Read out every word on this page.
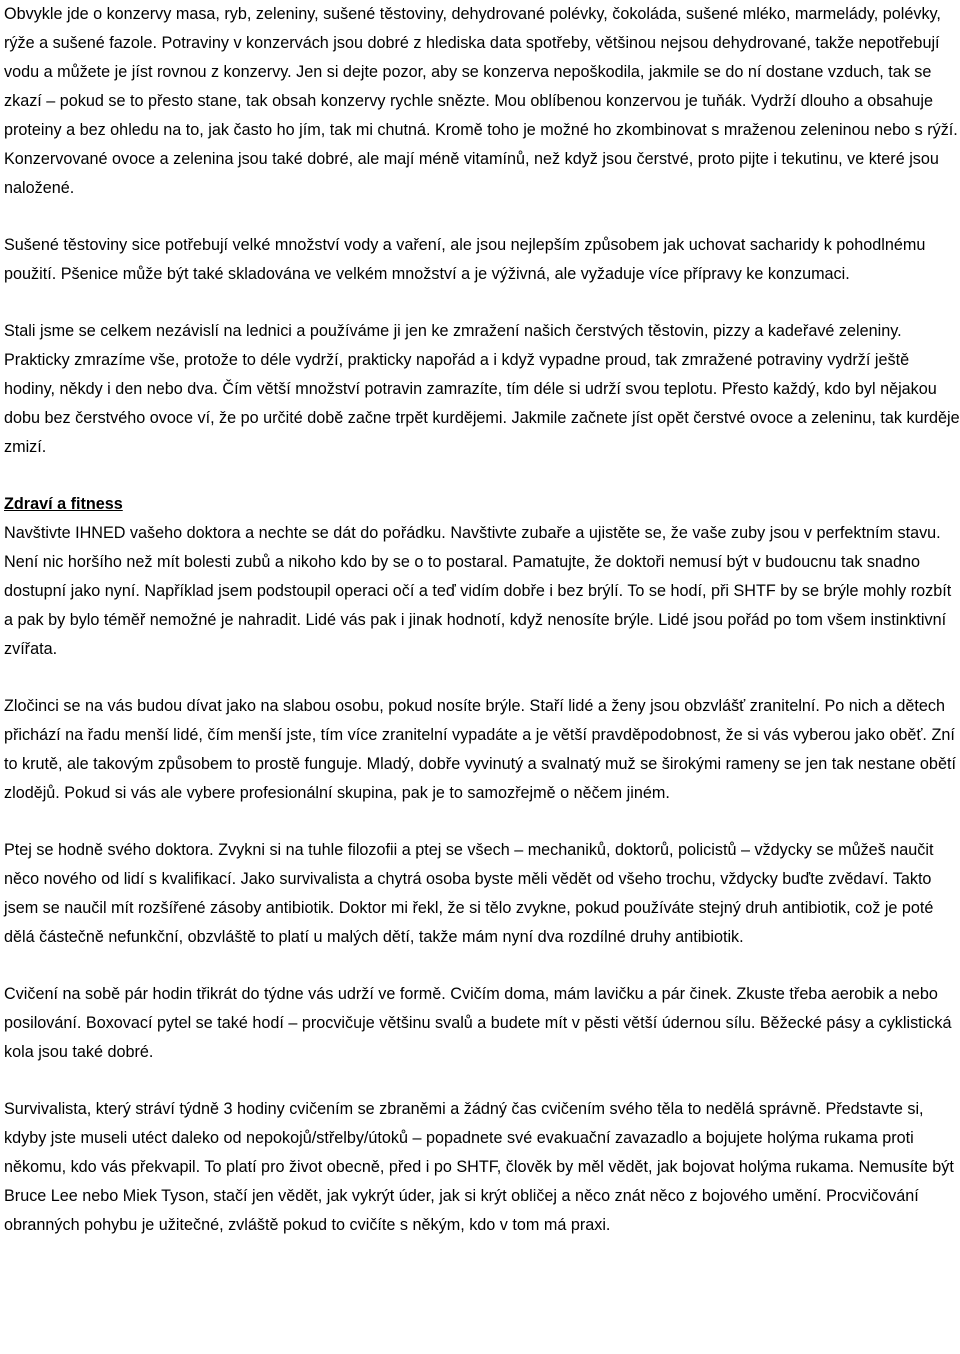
Obvykle jde o konzervy masa, ryb, zeleniny, sušené těstoviny, dehydrované polévky, čokoláda, sušené mléko, marmelády, polévky, rýže a sušené fazole. Potraviny v konzervách jsou dobré z hlediska data spotřeby, většinou nejsou dehydrované, takže nepotřebují vodu a můžete je jíst rovnou z konzervy. Jen si dejte pozor, aby se konzerva nepoškodila, jakmile se do ní dostane vzduch, tak se zkazí – pokud se to přesto stane, tak obsah konzervy rychle snězte. Mou oblíbenou konzervou je tuňák. Vydrží dlouho a obsahuje proteiny a bez ohledu na to, jak často ho jím, tak mi chutná. Kromě toho je možné ho zkombinovat s mraženou zeleninou nebo s rýží. Konzervované ovoce a zelenina jsou také dobré, ale mají méně vitamínů, než když jsou čerstvé, proto pijte i tekutinu, ve které jsou naložené.

Sušené těstoviny sice potřebují velké množství vody a vaření, ale jsou nejlepším způsobem jak uchovat sacharidy k pohodlnému použití. Pšenice může být také skladována ve velkém množství a je výživná, ale vyžaduje více přípravy ke konzumaci.

Stali jsme se celkem nezávislí na lednici a používáme ji jen ke zmražení našich čerstvých těstovin, pizzy a kadeřavé zeleniny. Prakticky zmrazíme vše, protože to déle vydrží, prakticky napořád a i když vypadne proud, tak zmražené potraviny vydrží ještě hodiny, někdy i den nebo dva. Čím větší množství potravin zamrazíte, tím déle si udrží svou teplotu. Přesto každý, kdo byl nějakou dobu bez čerstvého ovoce ví, že po určité době začne trpět kurdějemi. Jakmile začnete jíst opět čerstvé ovoce a zeleninu, tak kurděje zmizí.

Zdraví a fitness

Navštivte IHNED vašeho doktora a nechte se dát do pořádku. Navštivte zubaře a ujistěte se, že vaše zuby jsou v perfektním stavu. Není nic horšího než mít bolesti zubů a nikoho kdo by se o to postaral. Pamatujte, že doktoři nemusí být v budoucnu tak snadno dostupní jako nyní. Například jsem podstoupil operaci očí a teď vidím dobře i bez brýlí. To se hodí, při SHTF by se brýle mohly rozbít a pak by bylo téměř nemožné je nahradit. Lidé vás pak i jinak hodnotí, když nenosíte brýle. Lidé jsou pořád po tom všem instinktivní zvířata.

Zločinci se na vás budou dívat jako na slabou osobu, pokud nosíte brýle. Staří lidé a ženy jsou obzvlášť zranitelní. Po nich a dětech přichází na řadu menší lidé, čím menší jste, tím více zranitelní vypadáte a je větší pravděpodobnost, že si vás vyberou jako oběť. Zní to krutě, ale takovým způsobem to prostě funguje. Mladý, dobře vyvinutý a svalnatý muž se širokými rameny se jen tak nestane obětí zlodějů. Pokud si vás ale vybere profesionální skupina, pak je to samozřejmě o něčem jiném.

Ptej se hodně svého doktora. Zvykni si na tuhle filozofii a ptej se všech – mechaniků, doktorů, policistů – vždycky se můžeš naučit něco nového od lidí s kvalifikací. Jako survivalista a chytrá osoba byste měli vědět od všeho trochu, vždycky buďte zvědaví. Takto jsem se naučil mít rozšířené zásoby antibiotik. Doktor mi řekl, že si tělo zvykne, pokud používáte stejný druh antibiotik, což je poté dělá částečně nefunkční, obzvláště to platí u malých dětí, takže mám nyní dva rozdílné druhy antibiotik.

Cvičení na sobě pár hodin třikrát do týdne vás udrží ve formě. Cvičím doma, mám lavičku a pár činek. Zkuste třeba aerobik a nebo posilování. Boxovací pytel se také hodí – procvičuje většinu svalů a budete mít v pěsti větší údernou sílu. Běžecké pásy a cyklistická kola jsou také dobré.

Survivalista, který stráví týdně 3 hodiny cvičením se zbraněmi a žádný čas cvičením svého těla to nedělá správně. Představte si, kdyby jste museli utéct daleko od nepokojů/střelby/útoků – popadnete své evakuační zavazadlo a bojujete holýma rukama proti někomu, kdo vás překvapil. To platí pro život obecně, před i po SHTF, člověk by měl vědět, jak bojovat holýma rukama. Nemusíte být Bruce Lee nebo Miek Tyson, stačí jen vědět, jak vykrýt úder, jak si krýt obličej a něco znát něco z bojového umění. Procvičování obranných pohybu je užitečné, zvláště pokud to cvičíte s někým, kdo v tom má praxi.
